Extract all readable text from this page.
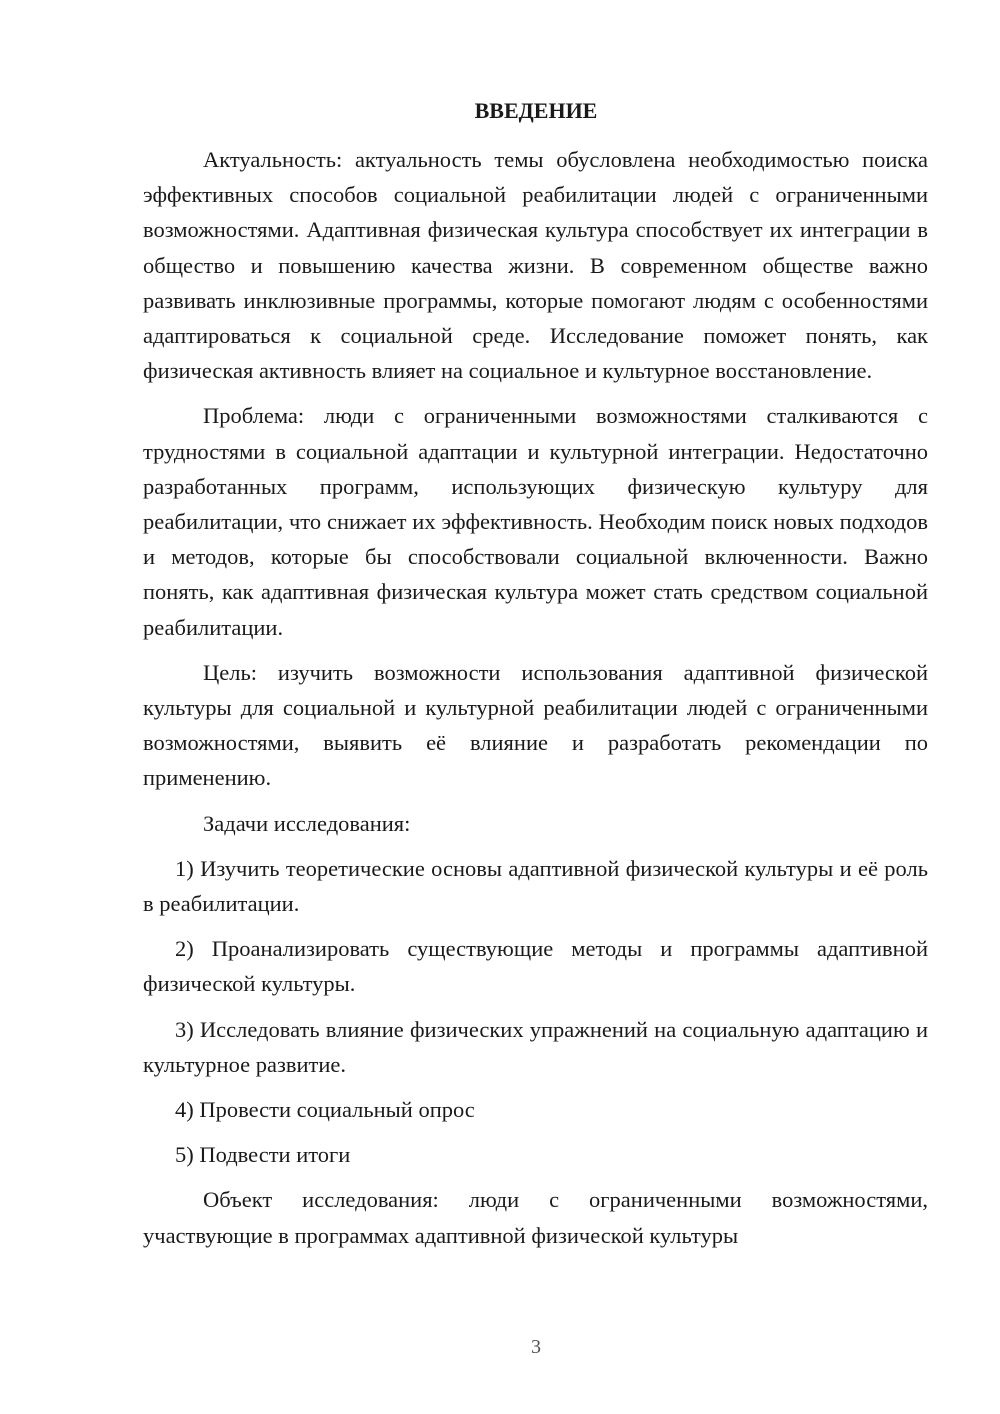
ВВЕДЕНИЕ

Актуальность: актуальность темы обусловлена необходимостью поиска эффективных способов социальной реабилитации людей с ограниченными возможностями. Адаптивная физическая культура способствует их интеграции в общество и повышению качества жизни. В современном обществе важно развивать инклюзивные программы, которые помогают людям с особенностями адаптироваться к социальной среде. Исследование поможет понять, как физическая активность влияет на социальное и культурное восстановление.

Проблема: люди с ограниченными возможностями сталкиваются с трудностями в социальной адаптации и культурной интеграции. Недостаточно разработанных программ, использующих физическую культуру для реабилитации, что снижает их эффективность. Необходим поиск новых подходов и методов, которые бы способствовали социальной включенности. Важно понять, как адаптивная физическая культура может стать средством социальной реабилитации.

Цель: изучить возможности использования адаптивной физической культуры для социальной и культурной реабилитации людей с ограниченными возможностями, выявить её влияние и разработать рекомендации по применению.

Задачи исследования:

1) Изучить теоретические основы адаптивной физической культуры и её роль в реабилитации.

2) Проанализировать существующие методы и программы адаптивной физической культуры.

3) Исследовать влияние физических упражнений на социальную адаптацию и культурное развитие.

4) Провести социальный опрос

5) Подвести итоги

Объект исследования: люди с ограниченными возможностями, участвующие в программах адаптивной физической культуры

3
